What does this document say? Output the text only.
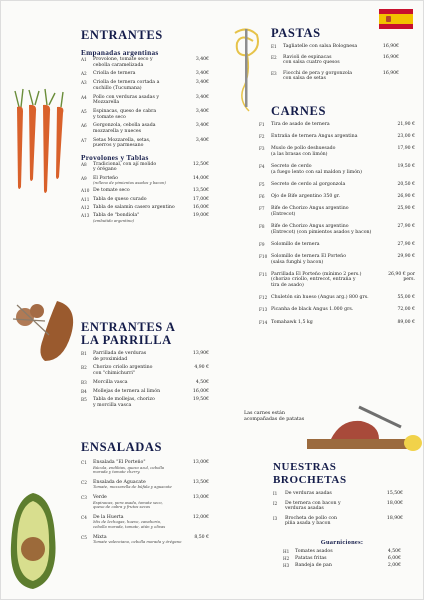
ENTRANTES
Empanadas argentinas
A1	Provolone, tomate seco y
cebolla caramelizada
3,40€
A2	Criolla de ternera	3,40€
A3	Criolla de ternera cortada a
cuchillo (Tucumana)
3,40€
A4	Pollo con verduras asadas y
Mozzarella
3,40€
A5	Espinacas, queso de cabra
y tomate seco
3,40€
A6	Gorgonzola, cebolla asada
mozzarella y nueces
3,40€
A7	Setas Mozzarella, setas,
puerros y parmesano
3,40€
Provolones y Tablas
A8	Tradicional, con ají molido
y órégano
12,50€
A9	El Porteño
(relleno de pimientos asados y bacon)
14,00€
A10 De tomate seco	13,50€
A11 Tabla de queso curado	17,00€
A12 Tabla de salamín casero argentino	16,00€
A13 Tabla de "bondiola"
(embutido argentino)
19,00€
ENTRANTES A
LA PARRILLA
B1	Parrillada de verduras
de proximidad
13,90€
B2	Chorizo criollo argentino
con "chimichurri"
4,90 €
B3	Morcilla vasca	4,50€
B4	Mollejas de ternera al limón	16,00€
B5	Tabla de mollejas, chorizo
y morcilla vasca
19,50€
ENSALADAS
C1	Ensalada "El Porteño"
Rúcula, endibias, queso azul, cebolla
morada y tomate cherry.
13,00€
C2	Ensalada de Aguacate
Tomate, mozzarella de búfala y aguacate
13,50€
C3	Verde
Espinacas, pera asada, tomate seco,
queso de cabra y frutos secos
13,00€
C4	De la Huerta
Mix de lechugas, huevo, zanahoria,
cebolla morada, tomate, atún y olivas
12,00€
C5	Mixta
Tomate valenciano, cebolla morada y órégano
8,50 €
PASTAS
E1	Tagliatelle con salsa Bolognesa	16,90€
E2	Ravioli de espinacas
con salsa cuatro quesos
16,90€
E3	Fiocchi de pera y gorgonzola
con salsa de setas
16,90€
CARNES
F1	Tira de asado de ternera	21,90 €
F2	Entraña de ternera Angus argentina	23,00 €
F3	Muslo de pollo deshuesado
(a las brasas con limón)
17,90 €
F4	Secreto de cerdo
(a fuego lento con sal maldon y limón)
19,50 €
F5	Secreto de cerdo al gorgonzola	20,50 €
F6	Ojo de Bife argentino 350 gr.	26,90 €
F7	Bife de Chorizo Angus argentino
(Entrecot)
25,90 €
F8	Bife de Chorizo Angus argentino
(Entrecot) (con pimientos asados y bacon)
27,90 €
F9	Solomillo de ternera	27,90 €
F10 Solomillo de ternera El Porteño
(salsa funghi y bacon)
29,90 €
F11 Parrillada El Porteño (mínimo 2 pers.)
(chorizo criollo, entrecot, entraña y
tira de asado)
26,90 € por pers.
F12 Chuletón sin hueso (Angus arg.) 800 grs.	55,00 €
F13 Picanha de black Angus 1.000 grs.	72,00 €
F14 Tomahawk 1,5 kg	89,00 €
Las carnes están
acompañadas de patatas
NUESTRAS BROCHETAS
I1	De verduras asadas	15,50€
I2	De ternera con bacon y
verduras asadas
18,00€
I3	Brocheta de pollo con
piña asada y bacon
18,90€
Guarniciones:
H1	Tomates asados	4,50€
H2	Patatas fritas	6,00€
H3	Bandeja de pan	2,00€
